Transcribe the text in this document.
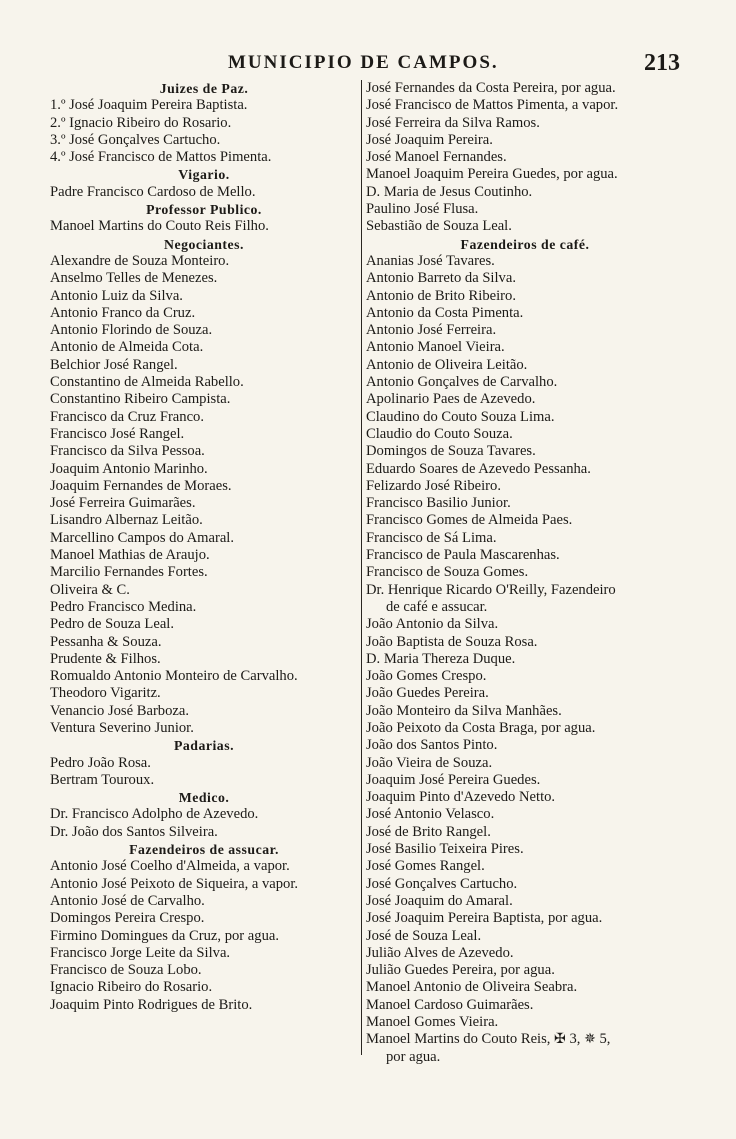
MUNICIPIO DE CAMPOS.	213
Juizes de Paz.
1.º José Joaquim Pereira Baptista.
2.º Ignacio Ribeiro do Rosario.
3.º José Gonçalves Cartucho.
4.º José Francisco de Mattos Pimenta.
Vigario.
Padre Francisco Cardoso de Mello.
Professor Publico.
Manoel Martins do Couto Reis Filho.
Negociantes.
Alexandre de Souza Monteiro.
Anselmo Telles de Menezes.
Antonio Luiz da Silva.
Antonio Franco da Cruz.
Antonio Florindo de Souza.
Antonio de Almeida Cota.
Belchior José Rangel.
Constantino de Almeida Rabello.
Constantino Ribeiro Campista.
Francisco da Cruz Franco.
Francisco José Rangel.
Francisco da Silva Pessoa.
Joaquim Antonio Marinho.
Joaquim Fernandes de Moraes.
José Ferreira Guimarães.
Lisandro Albernaz Leitão.
Marcellino Campos do Amaral.
Manoel Mathias de Araujo.
Marcilio Fernandes Fortes.
Oliveira & C.
Pedro Francisco Medina.
Pedro de Souza Leal.
Pessanha & Souza.
Prudente & Filhos.
Romualdo Antonio Monteiro de Carvalho.
Theodoro Vigaritz.
Venancio José Barboza.
Ventura Severino Junior.
Padarias.
Pedro João Rosa.
Bertram Touroux.
Medico.
Dr. Francisco Adolpho de Azevedo.
Dr. João dos Santos Silveira.
Fazendeiros de assucar.
Antonio José Coelho d'Almeida, a vapor.
Antonio José Peixoto de Siqueira, a vapor.
Antonio José de Carvalho.
Domingos Pereira Crespo.
Firmino Domingues da Cruz, por agua.
Francisco Jorge Leite da Silva.
Francisco de Souza Lobo.
Ignacio Ribeiro do Rosario.
Joaquim Pinto Rodrigues de Brito.
José Fernandes da Costa Pereira, por agua.
José Francisco de Mattos Pimenta, a vapor.
José Ferreira da Silva Ramos.
José Joaquim Pereira.
José Manoel Fernandes.
Manoel Joaquim Pereira Guedes, por agua.
D. Maria de Jesus Coutinho.
Paulino José Flusa.
Sebastião de Souza Leal.
Fazendeiros de café.
Ananias José Tavares.
Antonio Barreto da Silva.
Antonio de Brito Ribeiro.
Antonio da Costa Pimenta.
Antonio José Ferreira.
Antonio Manoel Vieira.
Antonio de Oliveira Leitão.
Antonio Gonçalves de Carvalho.
Apolinario Paes de Azevedo.
Claudino do Couto Souza Lima.
Claudio do Couto Souza.
Domingos de Souza Tavares.
Eduardo Soares de Azevedo Pessanha.
Felizardo José Ribeiro.
Francisco Basilio Junior.
Francisco Gomes de Almeida Paes.
Francisco de Sá Lima.
Francisco de Paula Mascarenhas.
Francisco de Souza Gomes.
Dr. Henrique Ricardo O'Reilly, Fazendeiro
de café e assucar.
João Antonio da Silva.
João Baptista de Souza Rosa.
D. Maria Thereza Duque.
João Gomes Crespo.
João Guedes Pereira.
João Monteiro da Silva Manhães.
João Peixoto da Costa Braga, por agua.
João dos Santos Pinto.
João Vieira de Souza.
Joaquim José Pereira Guedes.
Joaquim Pinto d'Azevedo Netto.
José Antonio Velasco.
José de Brito Rangel.
José Basilio Teixeira Pires.
José Gomes Rangel.
José Gonçalves Cartucho.
José Joaquim do Amaral.
José Joaquim Pereira Baptista, por agua.
José de Souza Leal.
Julião Alves de Azevedo.
Julião Guedes Pereira, por agua.
Manoel Antonio de Oliveira Seabra.
Manoel Cardoso Guimarães.
Manoel Gomes Vieira.
Manoel Martins do Couto Reis, ✠ 3, ✵ 5,
por agua.
